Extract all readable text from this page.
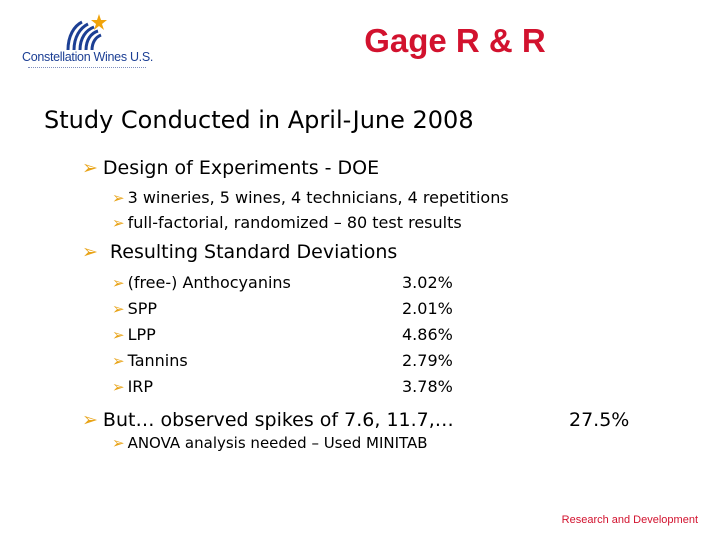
Constellation Wines U.S.	Gage R & R
Study Conducted in April-June 2008
➢ Design of Experiments - DOE
➢ 3 wineries, 5 wines, 4 technicians, 4 repetitions
➢ full-factorial, randomized – 80 test results
➢ Resulting Standard Deviations
➢ (free-) Anthocyanins	3.02%
➢ SPP	2.01%
➢ LPP	4.86%
➢ Tannins	2.79%
➢ IRP	3.78%
➢ But… observed spikes of 7.6, 11.7,…	27.5%
➢ ANOVA analysis needed – Used MINITAB
Research and Development
